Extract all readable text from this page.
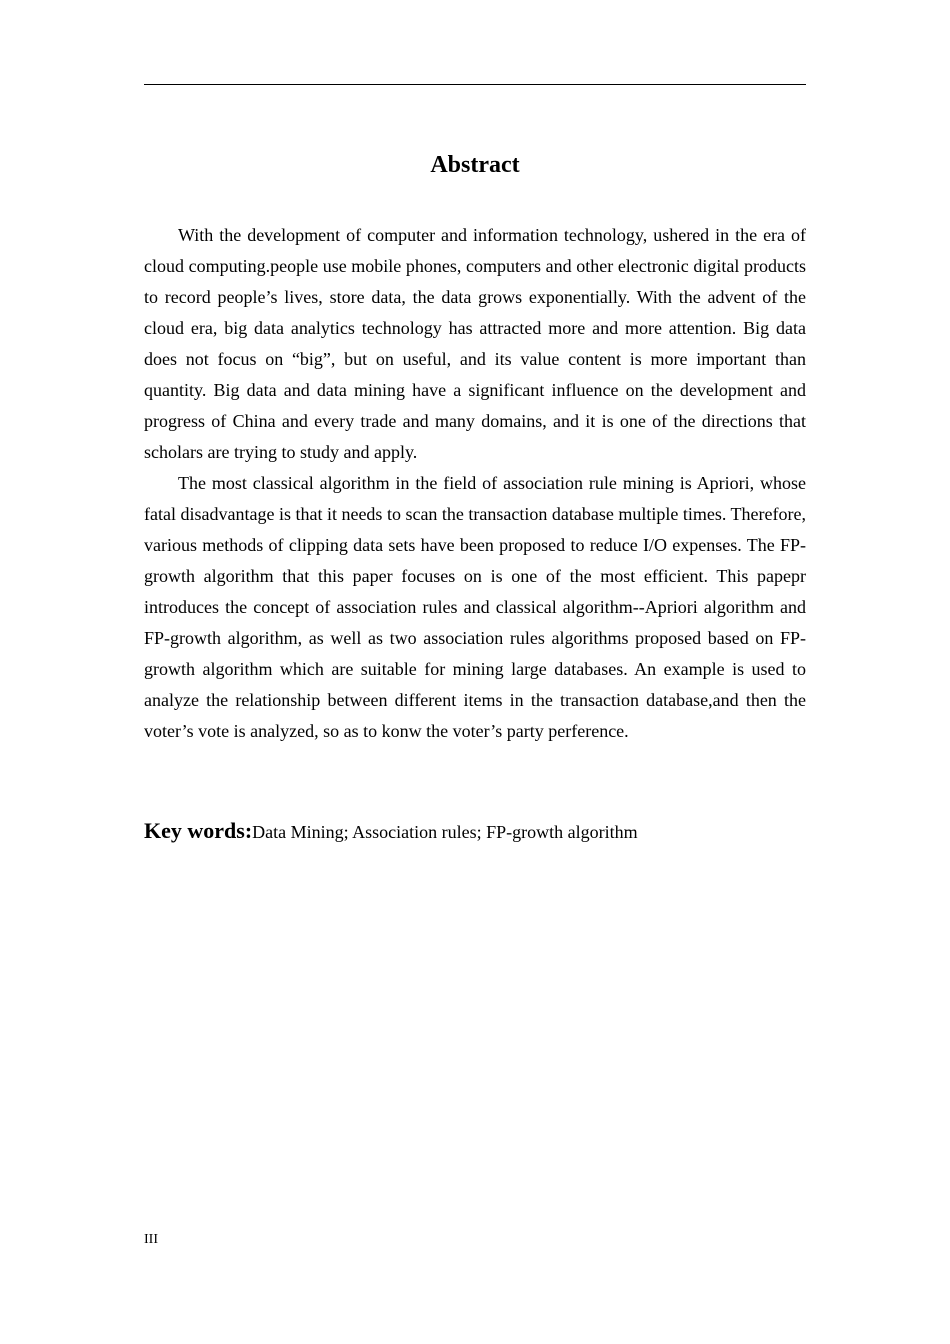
Abstract

With the development of computer and information technology, ushered in the era of cloud computing.people use mobile phones, computers and other electronic digital products to record people’s lives, store data, the data grows exponentially. With the advent of the cloud era, big data analytics technology has attracted more and more attention. Big data does not focus on “big”, but on useful, and its value content is more important than quantity. Big data and data mining have a significant influence on the development and progress of China and every trade and many domains, and it is one of the directions that scholars are trying to study and apply.

The most classical algorithm in the field of association rule mining is Apriori, whose fatal disadvantage is that it needs to scan the transaction database multiple times. Therefore, various methods of clipping data sets have been proposed to reduce I/O expenses. The FP-growth algorithm that this paper focuses on is one of the most efficient. This papepr introduces the concept of association rules and classical algorithm--Apriori algorithm and FP-growth algorithm, as well as two association rules algorithms proposed based on FP-growth algorithm which are suitable for mining large databases. An example is used to analyze the relationship between different items in the transaction database,and then the voter’s vote is analyzed, so as to konw the voter’s party perference.

Key words:Data Mining; Association rules; FP-growth algorithm
III
